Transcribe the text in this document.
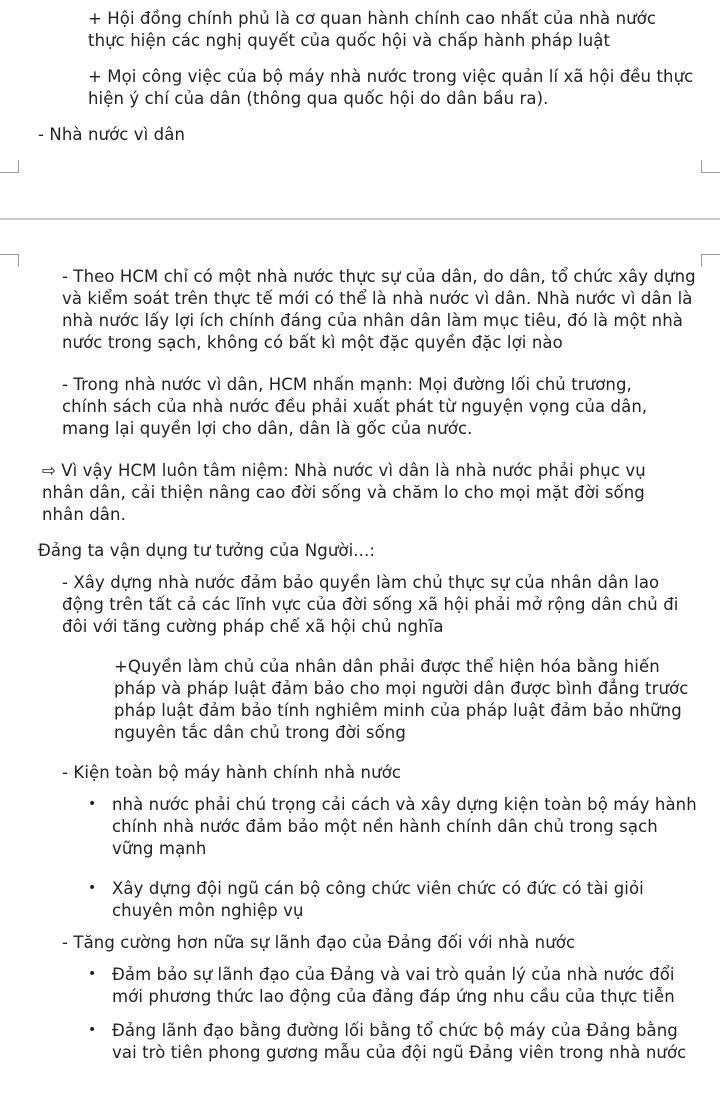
+ Hội đồng chính phủ là cơ quan hành chính cao nhất của nhà nước thực hiện các nghị quyết của quốc hội và chấp hành pháp luật

+ Mọi công việc của bộ máy nhà nước trong việc quản lí xã hội đều thực hiện ý chí của dân (thông qua quốc hội do dân bầu ra).

- Nhà nước vì dân

- Theo HCM chỉ có một nhà nước thực sự của dân, do dân, tổ chức xây dựng và kiểm soát trên thực tế mới có thể là nhà nước vì dân. Nhà nước vì dân là nhà nước lấy lợi ích chính đáng của nhân dân làm mục tiêu, đó là một nhà nước trong sạch, không có bất kì một đặc quyền đặc lợi nào

- Trong nhà nước vì dân, HCM nhấn mạnh: Mọi đường lối chủ trương, chính sách của nhà nước đều phải xuất phát từ nguyện vọng của dân, mang lại quyền lợi cho dân, dân là gốc của nước.

⇨ Vì vậy HCM luôn tâm niệm: Nhà nước vì dân là nhà nước phải phục vụ nhân dân, cải thiện nâng cao đời sống và chăm lo cho mọi mặt đời sống nhân dân.

Đảng ta vận dụng tư tưởng của Người...:

- Xây dựng nhà nước đảm bảo quyền làm chủ thực sự của nhân dân lao động trên tất cả các lĩnh vực của đời sống xã hội phải mở rộng dân chủ đi đôi với tăng cường pháp chế xã hội chủ nghĩa

+Quyền làm chủ của nhân dân phải được thể hiện hóa bằng hiến pháp và pháp luật đảm bảo cho mọi người dân được bình đẳng trước pháp luật đảm bảo tính nghiêm minh của pháp luật đảm bảo những nguyên tắc dân chủ trong đời sống

- Kiện toàn bộ máy hành chính nhà nước

• nhà nước phải chú trọng cải cách và xây dựng kiện toàn bộ máy hành chính nhà nước đảm bảo một nền hành chính dân chủ trong sạch vững mạnh

• Xây dựng đội ngũ cán bộ công chức viên chức có đức có tài giỏi chuyên môn nghiệp vụ

- Tăng cường hơn nữa sự lãnh đạo của Đảng đối với nhà nước

• Đảm bảo sự lãnh đạo của Đảng và vai trò quản lý của nhà nước đổi mới phương thức lao động của đảng đáp ứng nhu cầu của thực tiễn

• Đảng lãnh đạo bằng đường lối bằng tổ chức bộ máy của Đảng bằng vai trò tiên phong gương mẫu của đội ngũ Đảng viên trong nhà nước
